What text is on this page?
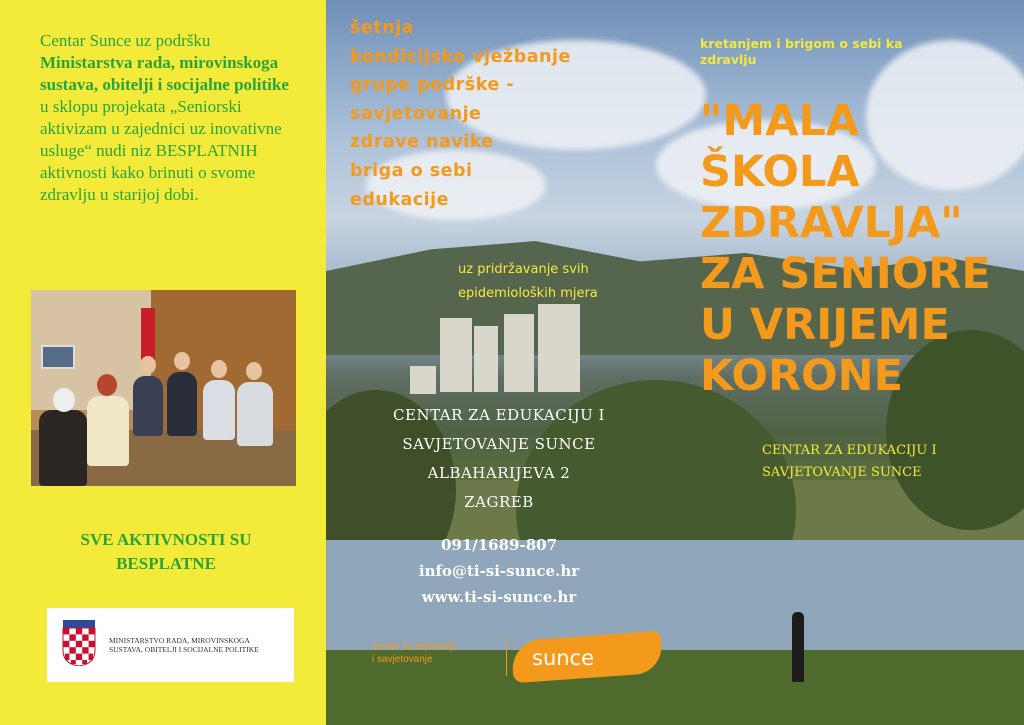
Centar Sunce uz podršku Ministarstva rada, mirovinskoga sustava, obitelji i socijalne politike u sklopu projekata „Seniorski aktivizam u zajednici uz inovativne usluge“ nudi niz BESPLATNIH aktivnosti kako brinuti o svome zdravlju u starijoj dobi.

SVE AKTIVNOSTI SU
BESPLATNE
MINISTARSTVO RADA, MIROVINSKOGA
SUSTAVA, OBITELJI I SOCIJALNE POLITIKE
šetnja
kondicijsko vježbanje
grupe podrške -
savjetovanje
zdrave navike
briga o sebi
edukacije
uz pridržavanje svih
epidemioloških mjera
kretanjem i brigom o sebi ka
zdravlju
"MALA
ŠKOLA
ZDRAVLJA"
ZA SENIORE
U VRIJEME
KORONE
CENTAR ZA EDUKACIJU I
SAVJETOVANJE SUNCE
CENTAR ZA EDUKACIJU I
SAVJETOVANJE SUNCE
ALBAHARIJEVA 2
ZAGREB
091/1689-807
info@ti-si-sunce.hr
www.ti-si-sunce.hr
centar za edukaciju
i savjetovanje	sunce
